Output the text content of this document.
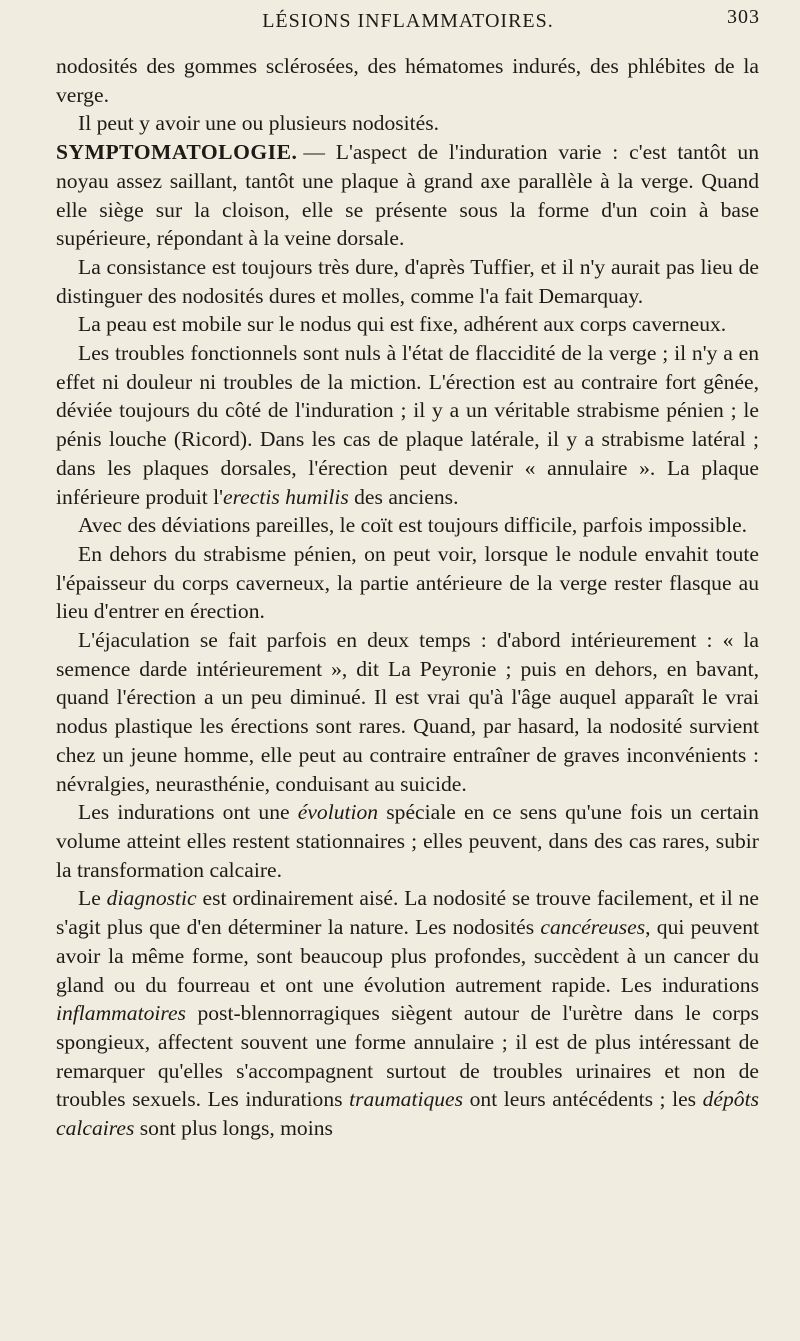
LÉSIONS INFLAMMATOIRES.	303

nodosités des gommes sclérosées, des hématomes indurés, des phlébites de la verge.

Il peut y avoir une ou plusieurs nodosités.

SYMPTOMATOLOGIE. — L'aspect de l'induration varie : c'est tantôt un noyau assez saillant, tantôt une plaque à grand axe parallèle à la verge. Quand elle siège sur la cloison, elle se présente sous la forme d'un coin à base supérieure, répondant à la veine dorsale.

La consistance est toujours très dure, d'après Tuffier, et il n'y aurait pas lieu de distinguer des nodosités dures et molles, comme l'a fait Demarquay.

La peau est mobile sur le nodus qui est fixe, adhérent aux corps caverneux.

Les troubles fonctionnels sont nuls à l'état de flaccidité de la verge ; il n'y a en effet ni douleur ni troubles de la miction. L'érection est au contraire fort gênée, déviée toujours du côté de l'induration ; il y a un véritable strabisme pénien ; le pénis louche (Ricord). Dans les cas de plaque latérale, il y a strabisme latéral ; dans les plaques dorsales, l'érection peut devenir « annulaire ». La plaque inférieure produit l'erectis humilis des anciens.

Avec des déviations pareilles, le coït est toujours difficile, parfois impossible.

En dehors du strabisme pénien, on peut voir, lorsque le nodule envahit toute l'épaisseur du corps caverneux, la partie antérieure de la verge rester flasque au lieu d'entrer en érection.

L'éjaculation se fait parfois en deux temps : d'abord intérieurement : « la semence darde intérieurement », dit La Peyronie ; puis en dehors, en bavant, quand l'érection a un peu diminué. Il est vrai qu'à l'âge auquel apparaît le vrai nodus plastique les érections sont rares. Quand, par hasard, la nodosité survient chez un jeune homme, elle peut au contraire entraîner de graves inconvénients : névralgies, neurasthénie, conduisant au suicide.

Les indurations ont une évolution spéciale en ce sens qu'une fois un certain volume atteint elles restent stationnaires ; elles peuvent, dans des cas rares, subir la transformation calcaire.

Le diagnostic est ordinairement aisé. La nodosité se trouve facilement, et il ne s'agit plus que d'en déterminer la nature. Les nodosités cancéreuses, qui peuvent avoir la même forme, sont beaucoup plus profondes, succèdent à un cancer du gland ou du fourreau et ont une évolution autrement rapide. Les indurations inflammatoires post-blennorragiques siègent autour de l'urètre dans le corps spongieux, affectent souvent une forme annulaire ; il est de plus intéressant de remarquer qu'elles s'accompagnent surtout de troubles urinaires et non de troubles sexuels. Les indurations traumatiques ont leurs antécédents ; les dépôts calcaires sont plus longs, moins
